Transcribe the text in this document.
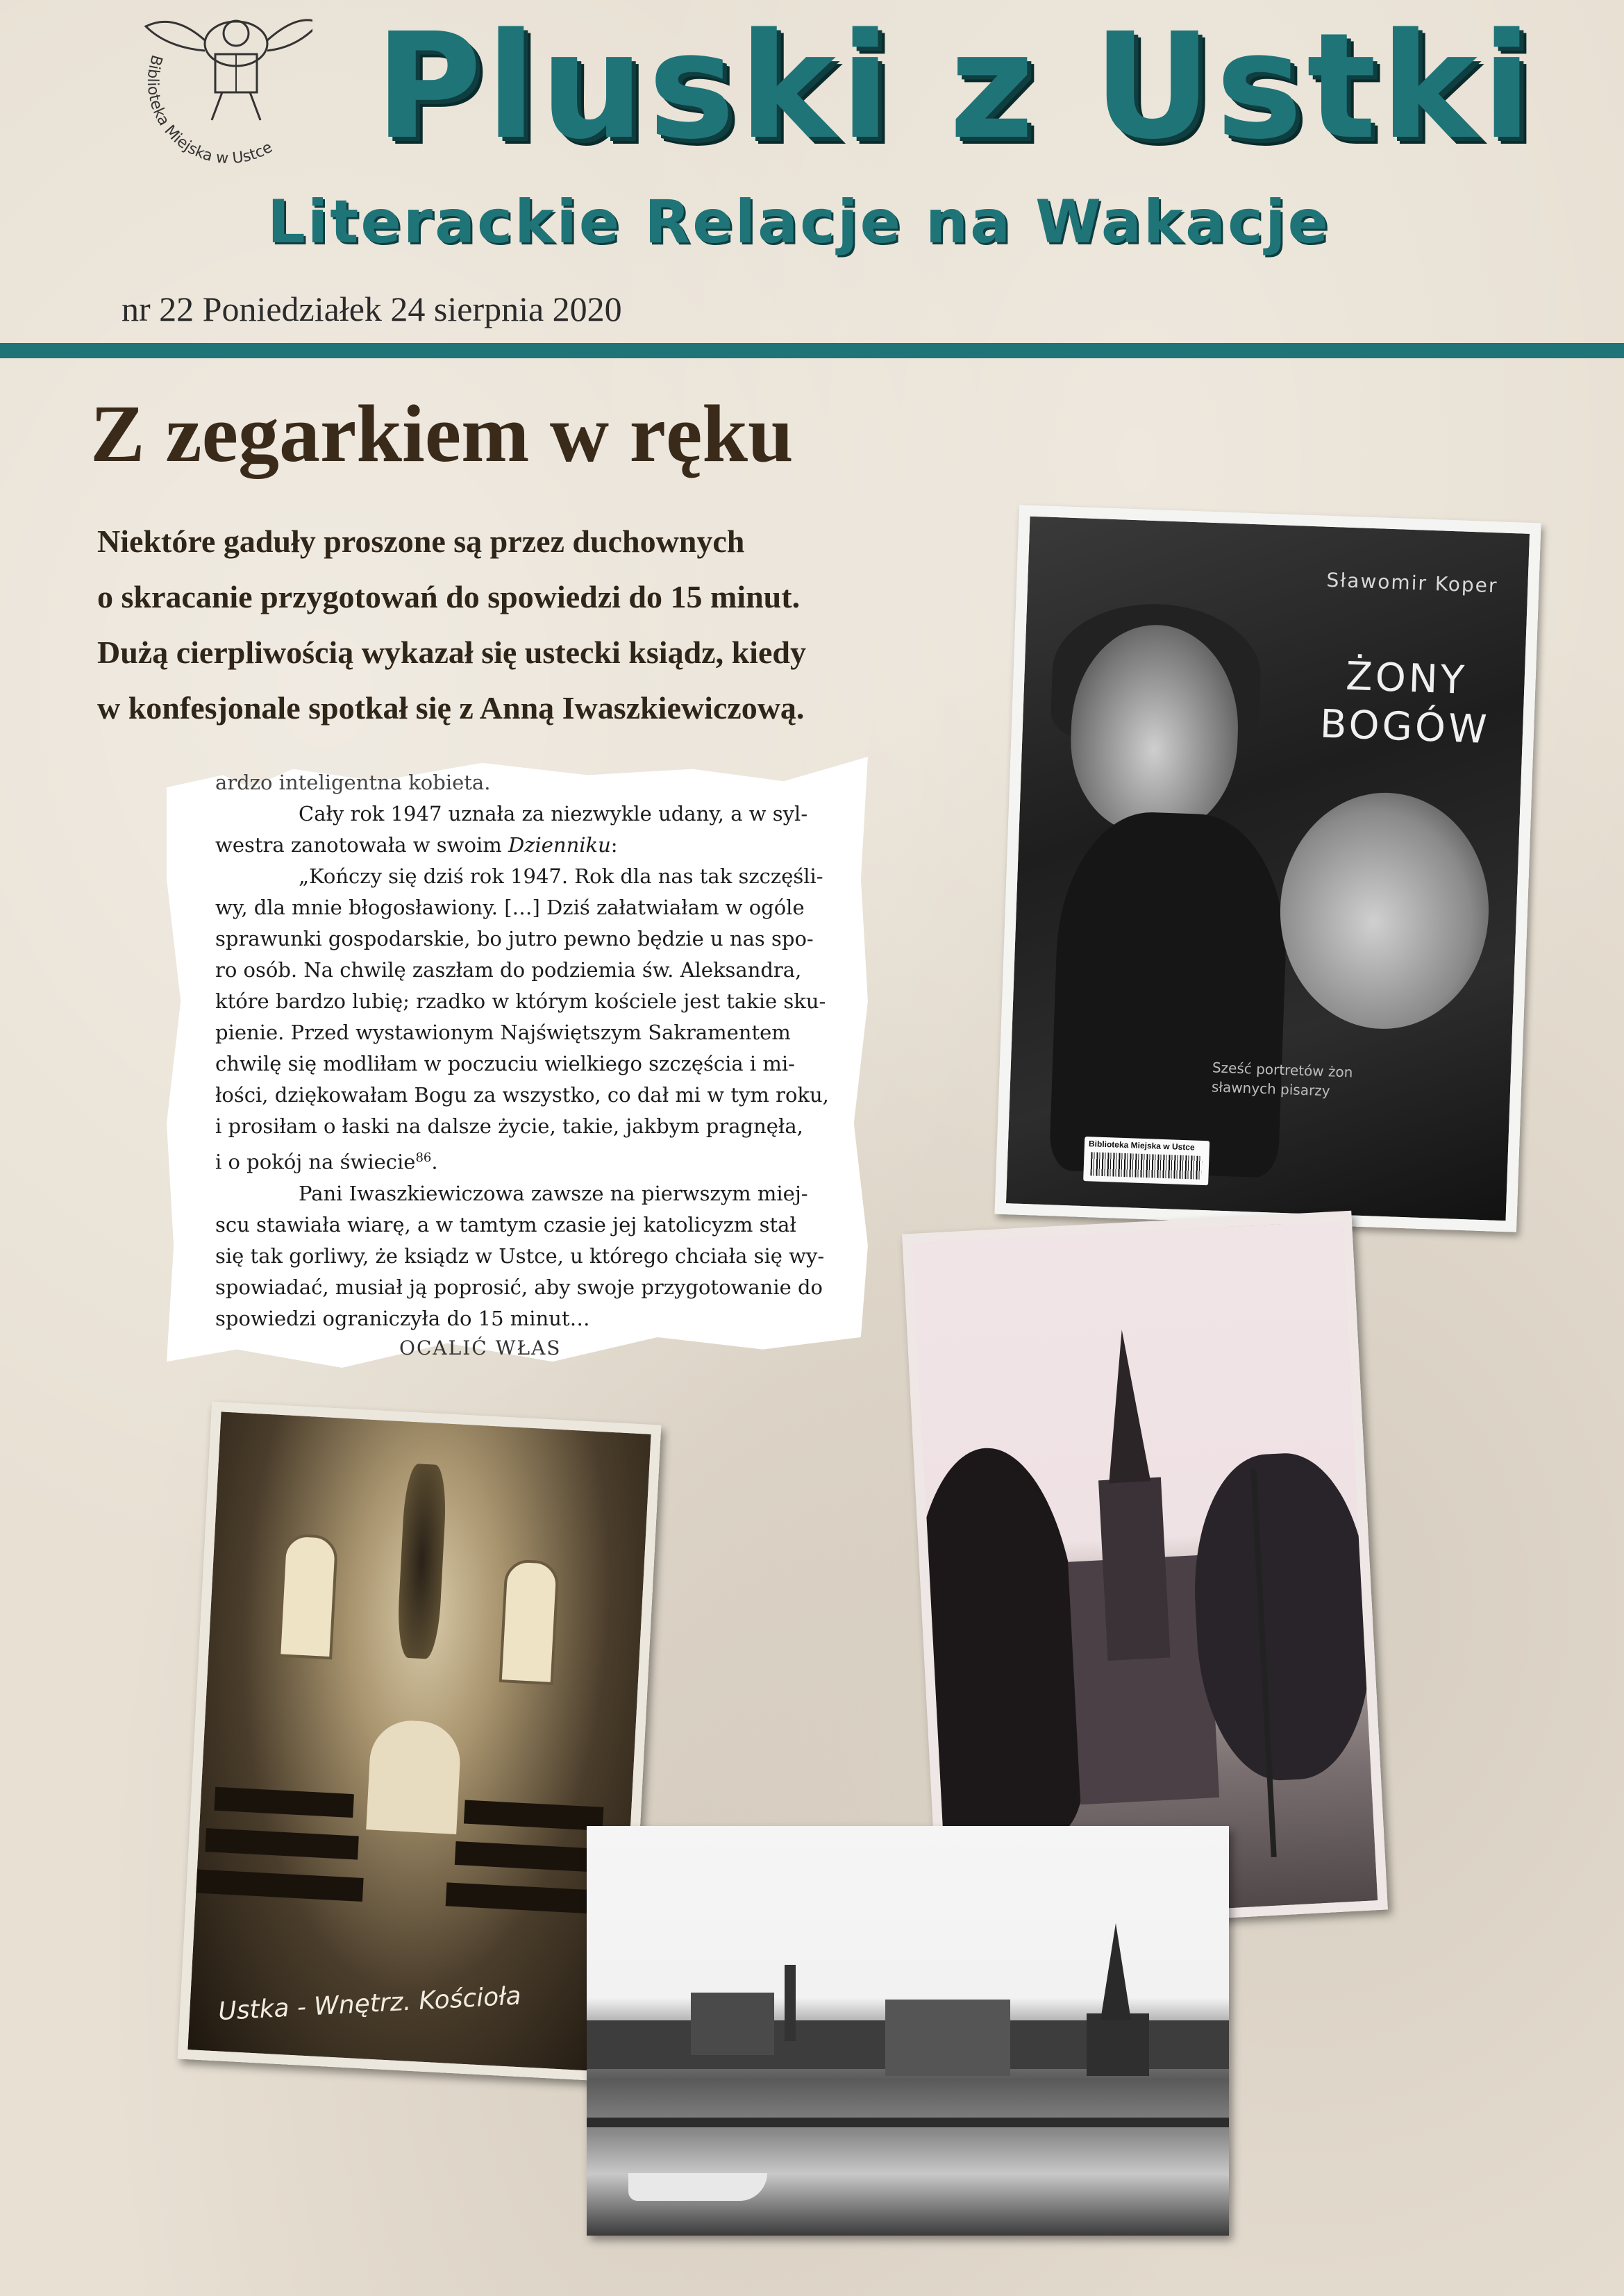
Biblioteka Miejska w Ustce Pluski z Ustki
Literackie Relacje na Wakacje
nr 22 Poniedziałek 24 sierpnia 2020
Z zegarkiem w ręku
Niektóre gaduły proszone są przez duchownych
o skracanie przygotowań do spowiedzi do 15 minut.
Dużą cierpliwością wykazał się ustecki ksiądz, kiedy
w konfesjonale spotkał się z Anną Iwaszkiewiczową.
ardzo inteligentna kobieta.
Cały rok 1947 uznała za niezwykle udany, a w syl-
westra zanotowała w swoim Dzienniku:
„Kończy się dziś rok 1947. Rok dla nas tak szczęśli-
wy, dla mnie błogosławiony. […] Dziś załatwiałam w ogóle
sprawunki gospodarskie, bo jutro pewno będzie u nas spo-
ro osób. Na chwilę zaszłam do podziemia św. Aleksandra,
które bardzo lubię; rzadko w którym kościele jest takie sku-
pienie. Przed wystawionym Najświętszym Sakramentem
chwilę się modliłam w poczuciu wielkiego szczęścia i mi-
łości, dziękowałam Bogu za wszystko, co dał mi w tym roku,
i prosiłam o łaski na dalsze życie, takie, jakbym pragnęła,
i o pokój na świecie$^{86}$.
Pani Iwaszkiewiczowa zawsze na pierwszym miej-
scu stawiała wiarę, a w tamtym czasie jej katolicyzm stał
się tak gorliwy, że ksiądz w Ustce, u którego chciała się wy-
spowiadać, musiał ją poprosić, aby swoje przygotowanie do
spowiedzi ograniczyła do 15 minut…
OCALIĆ WŁAS
Sławomir Koper
ŻONY
BOGÓW
Sześć portretów żon sławnych pisarzy
Biblioteka Miejska w Ustce
Ustka - Wnętrz. Kościoła
